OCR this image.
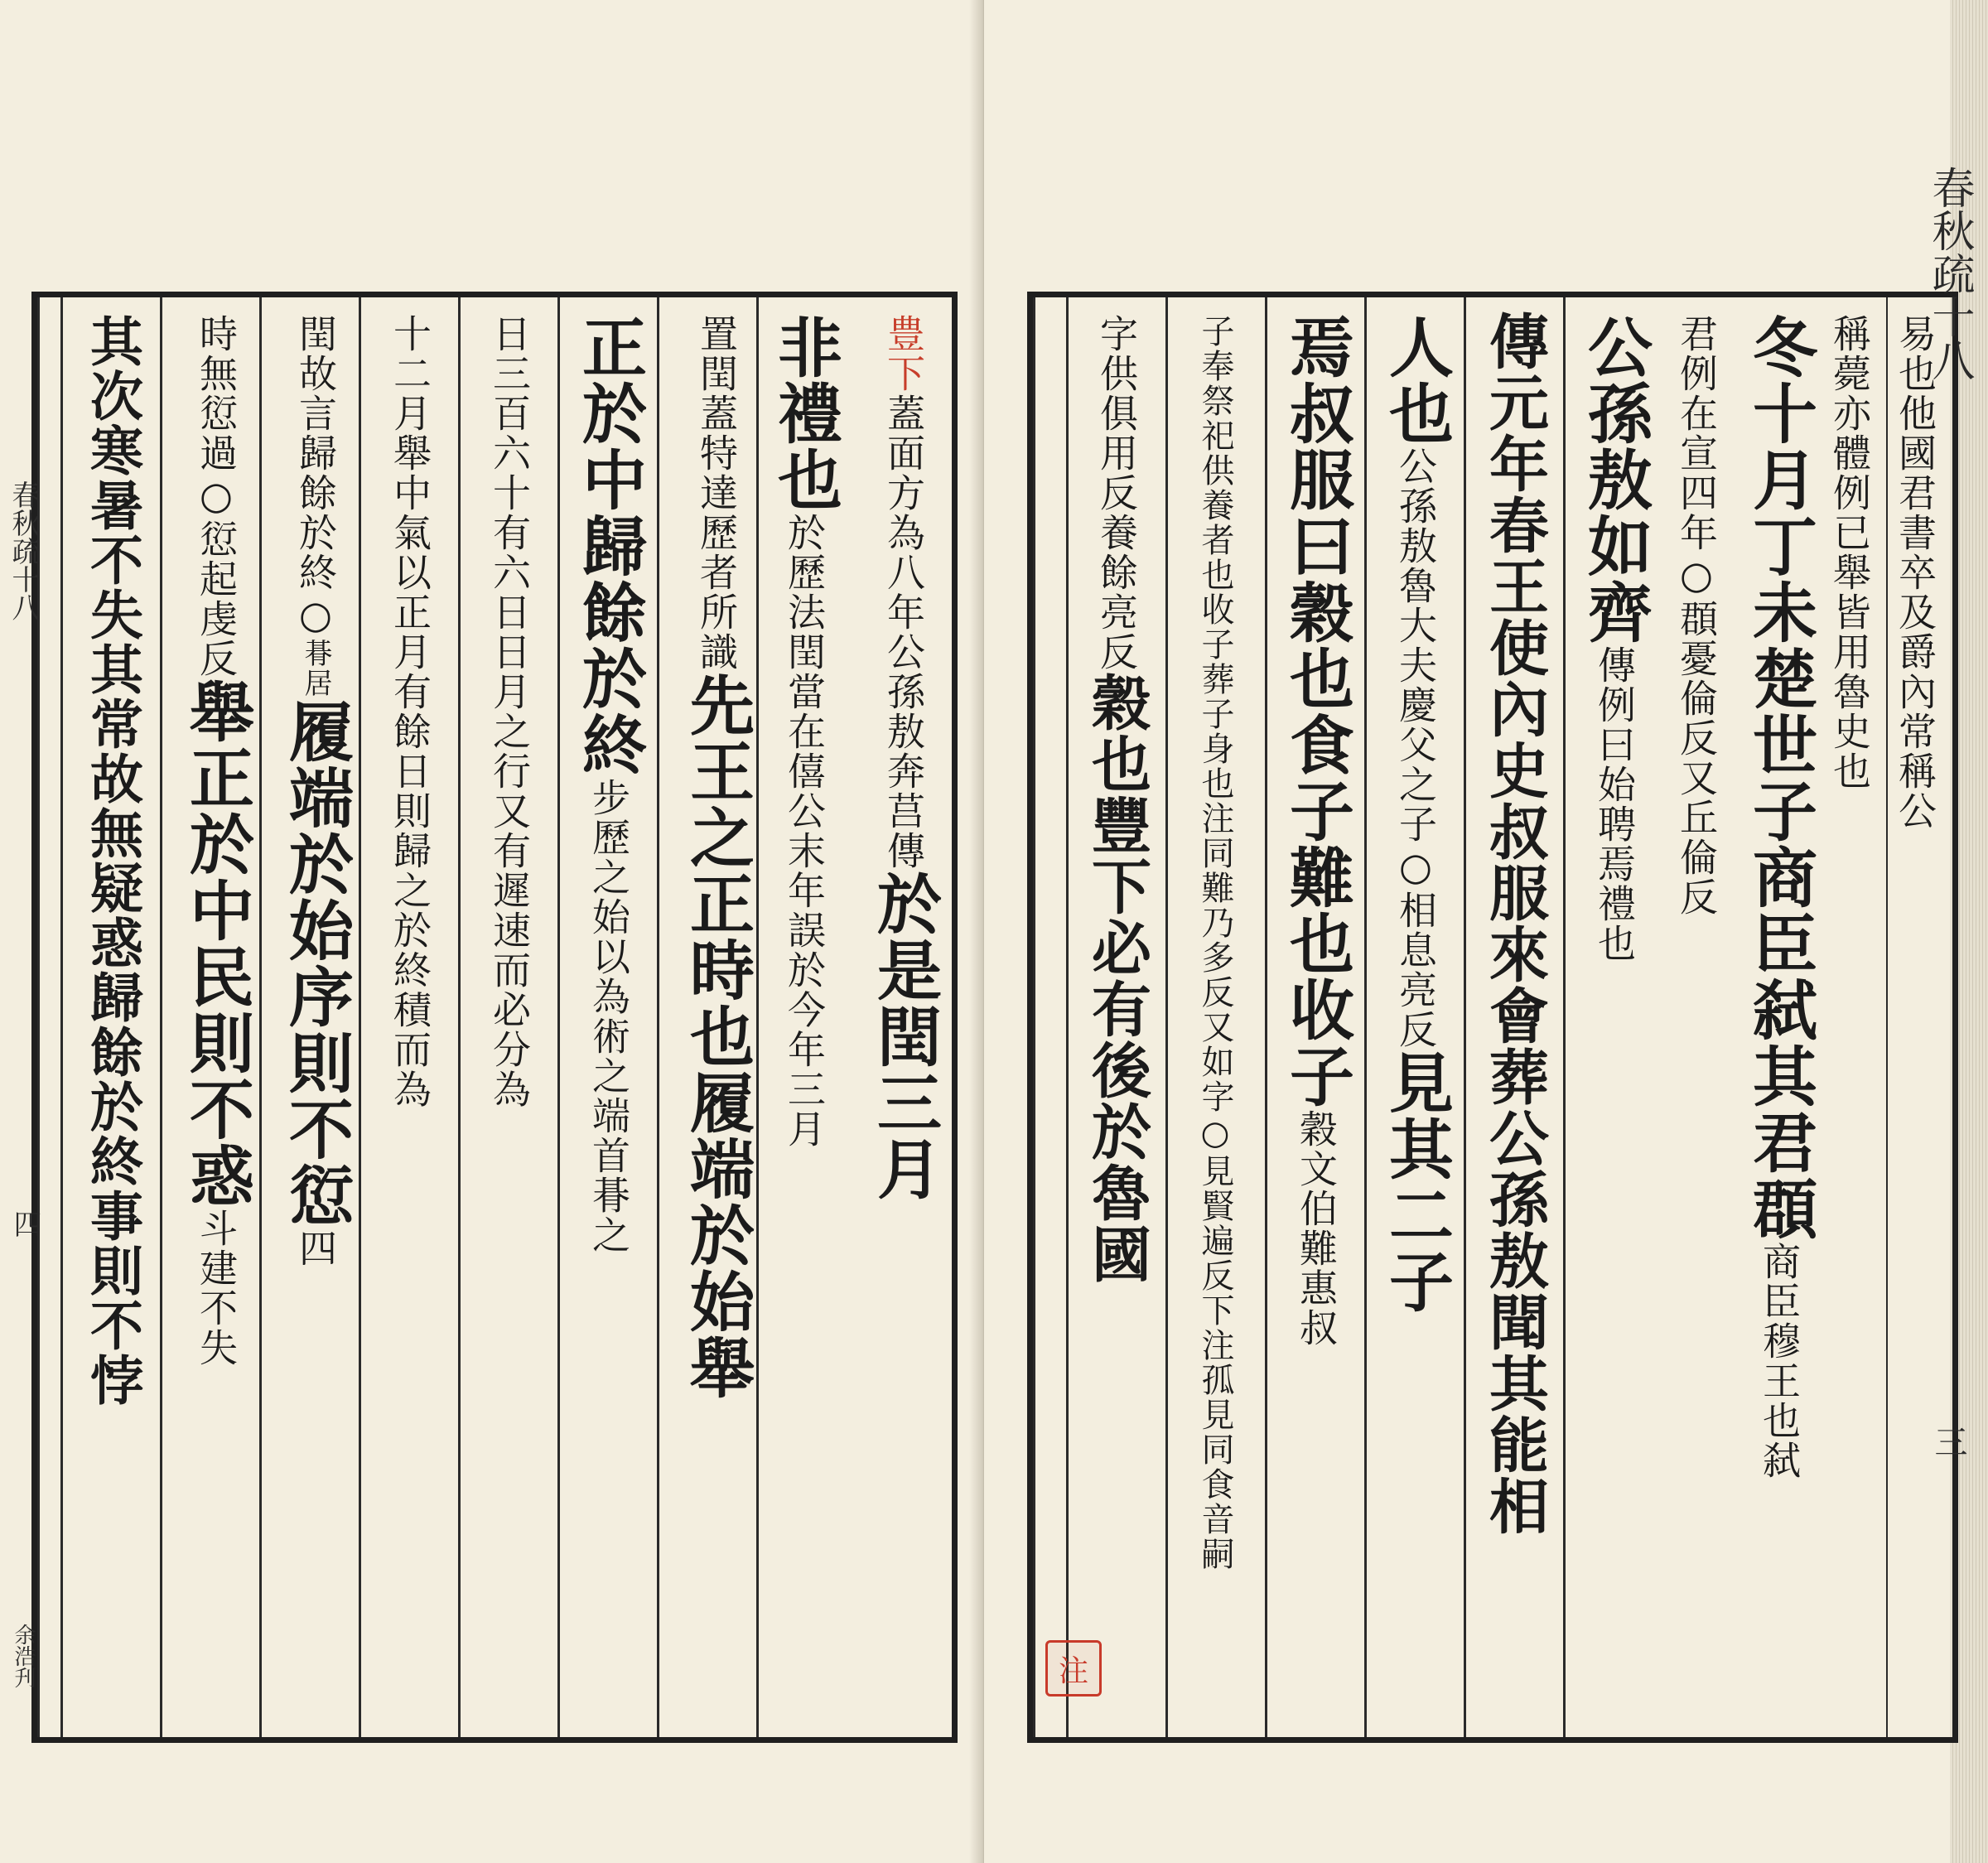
豊下蓋面方為八年公孫敖奔莒傳於是閏三月
非禮也於歷法閏當在僖公末年誤於今年三月
置閏蓋特達歷者所識先王之正時也履端於始舉
正於中歸餘於終步歷之始以為術之端首朞之
日三百六十有六日日月之行又有遲速而必分為
十二月舉中氣以正月有餘日則歸之於終積而為
閏故言歸餘於終○朞居履端於始序則不愆四
時無愆過○愆起虔反舉正於中民則不惑斗建不失
其次寒暑不失其常故無疑惑歸餘於終事則不悖
春秋疏十八
四
余浩刋
易也他國君書卒及爵內常稱公
稱薨亦體例已舉皆用魯史也
冬十月丁未楚世子商臣弑其君頵商臣穆王也弑
君例在宣四年○頵憂倫反又丘倫反
公孫敖如齊傳例曰始聘焉禮也
傳元年春王使內史叔服來會葬公孫敖聞其能相
人也公孫敖魯大夫慶父之子○相息亮反見其二子
焉叔服曰穀也食子難也收子穀文伯難惠叔
子奉祭祀供養者也收子葬子身也注同難乃多反又如字○見賢遍反下注孤見同食音嗣
字供俱用反養餘亮反穀也豐下必有後於魯國
春秋疏十八
三
注
